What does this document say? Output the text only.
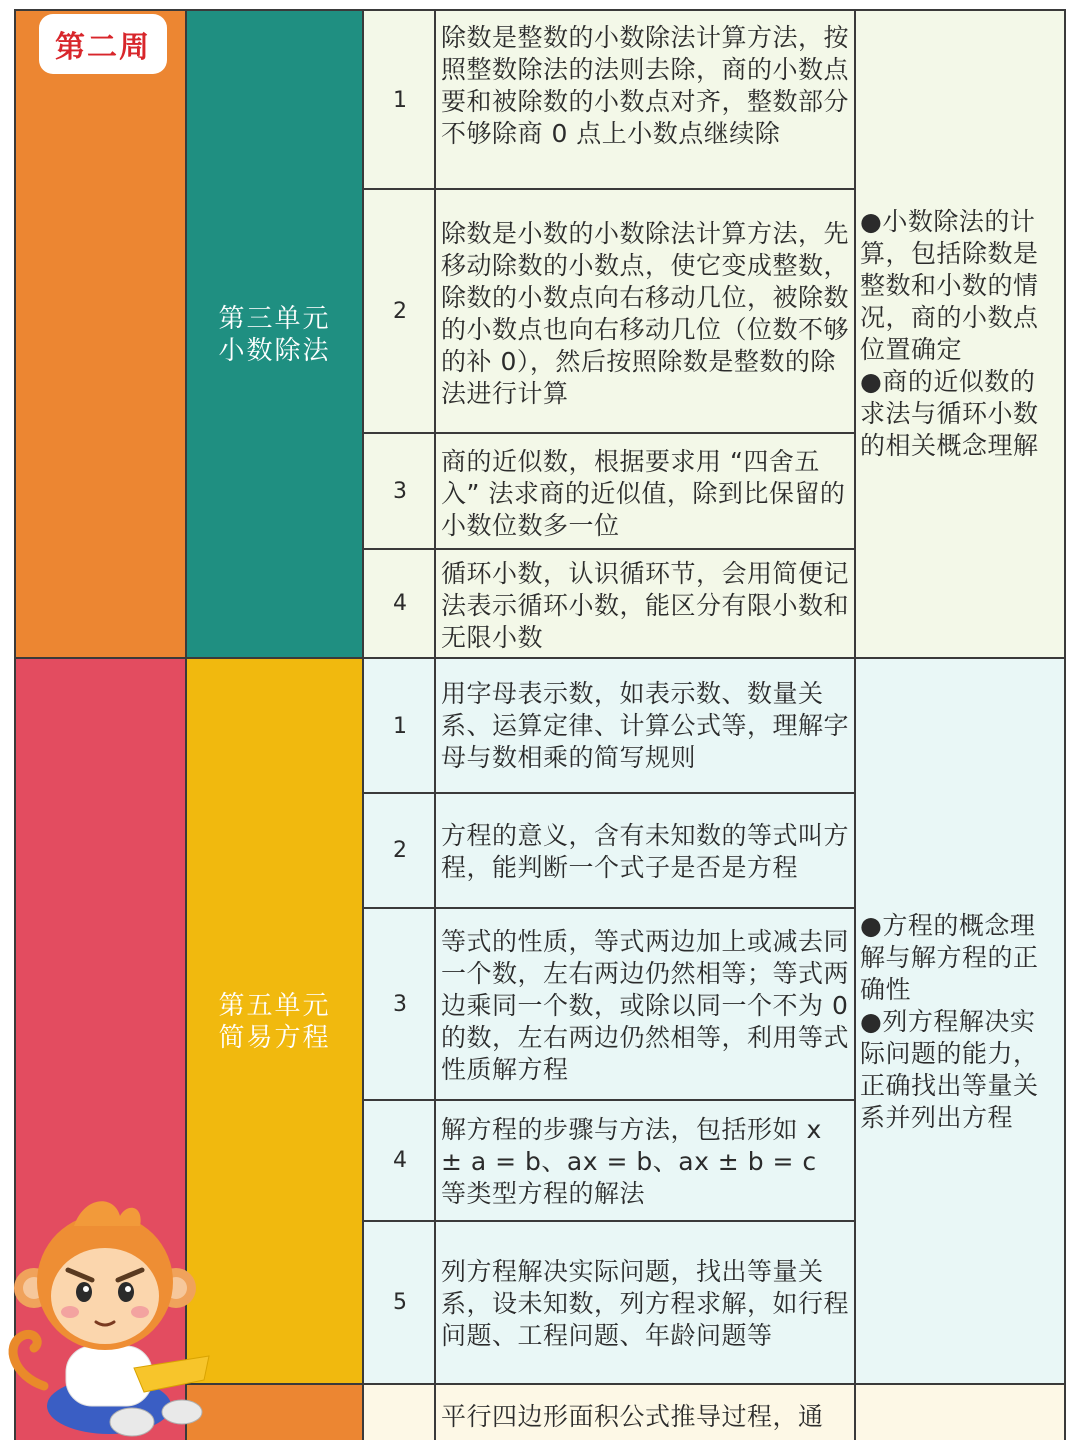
第二周
第三单元
小数除法
第五单元
简易方程
1
除数是整数的小数除法计算方法，按照整数除法的法则去除，商的小数点要和被除数的小数点对齐，整数部分不够除商 0 点上小数点继续除
2
除数是小数的小数除法计算方法，先移动除数的小数点，使它变成整数，除数的小数点向右移动几位，被除数的小数点也向右移动几位（位数不够的补 0），然后按照除数是整数的除法进行计算
3
商的近似数，根据要求用 “四舍五入” 法求商的近似值，除到比保留的小数位数多一位
4
循环小数，认识循环节，会用简便记法表示循环小数，能区分有限小数和无限小数
●小数除法的计算，包括除数是整数和小数的情况，商的小数点位置确定
●商的近似数的求法与循环小数的相关概念理解
1
用字母表示数，如表示数、数量关系、运算定律、计算公式等，理解字母与数相乘的简写规则
2
方程的意义，含有未知数的等式叫方程，能判断一个式子是否是方程
3
等式的性质，等式两边加上或减去同一个数，左右两边仍然相等；等式两边乘同一个数，或除以同一个不为 0 的数，左右两边仍然相等，利用等式性质解方程
4
解方程的步骤与方法，包括形如 x ± a = b、ax = b、ax ± b = c 等类型方程的解法
5
列方程解决实际问题，找出等量关系，设未知数，列方程求解，如行程问题、工程问题、年龄问题等
●方程的概念理解与解方程的正确性
●列方程解决实际问题的能力，正确找出等量关系并列出方程
平行四边形面积公式推导过程，通
